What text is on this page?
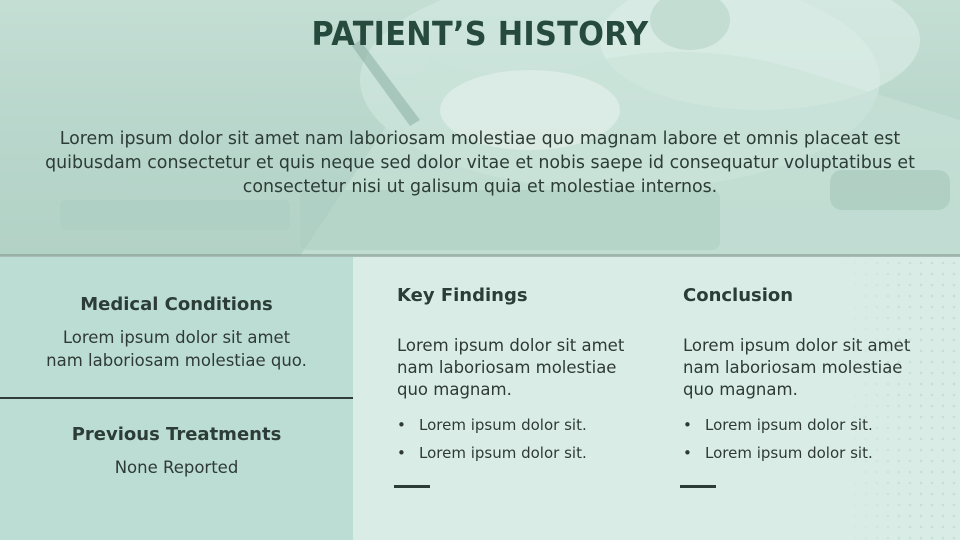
PATIENT’S HISTORY

Lorem ipsum dolor sit amet nam laboriosam molestiae quo magnam labore et omnis placeat est quibusdam consectetur et quis neque sed dolor vitae et nobis saepe id consequatur voluptatibus et consectetur nisi ut galisum quia et molestiae internos.

Medical Conditions

Lorem ipsum dolor sit amet

nam laboriosam molestiae quo.

Previous Treatments

None Reported

Key Findings

Lorem ipsum dolor sit amet nam laboriosam molestiae quo magnam.

• Lorem ipsum dolor sit.
• Lorem ipsum dolor sit.
Conclusion

Lorem ipsum dolor sit amet nam laboriosam molestiae quo magnam.

• Lorem ipsum dolor sit.
• Lorem ipsum dolor sit.
